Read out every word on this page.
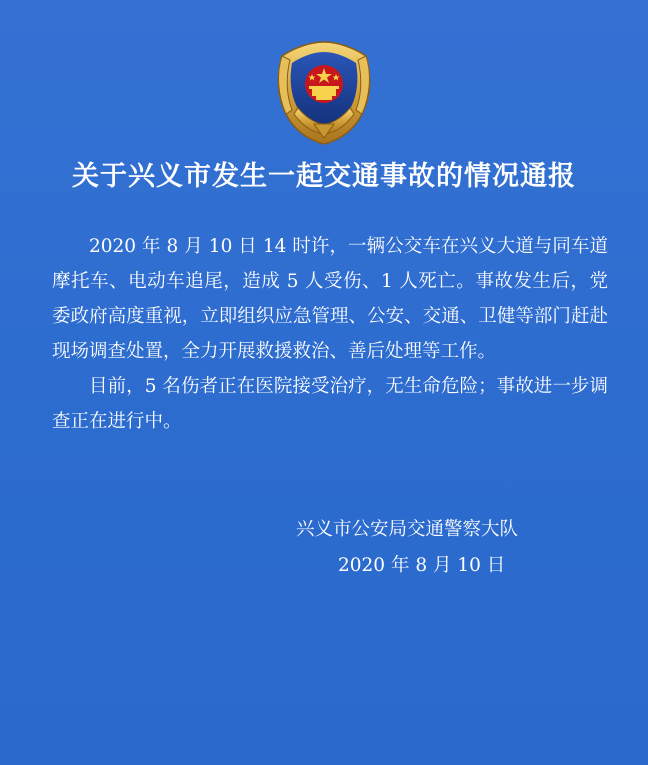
关于兴义市发生一起交通事故的情况通报

2020 年 8 月 10 日 14 时许，一辆公交车在兴义大道与同车道摩托车、电动车追尾，造成 5 人受伤、1 人死亡。事故发生后，党委政府高度重视，立即组织应急管理、公安、交通、卫健等部门赶赴现场调查处置，全力开展救援救治、善后处理等工作。

目前，5 名伤者正在医院接受治疗，无生命危险；事故进一步调查正在进行中。

兴义市公安局交通警察大队
2020 年 8 月 10 日
